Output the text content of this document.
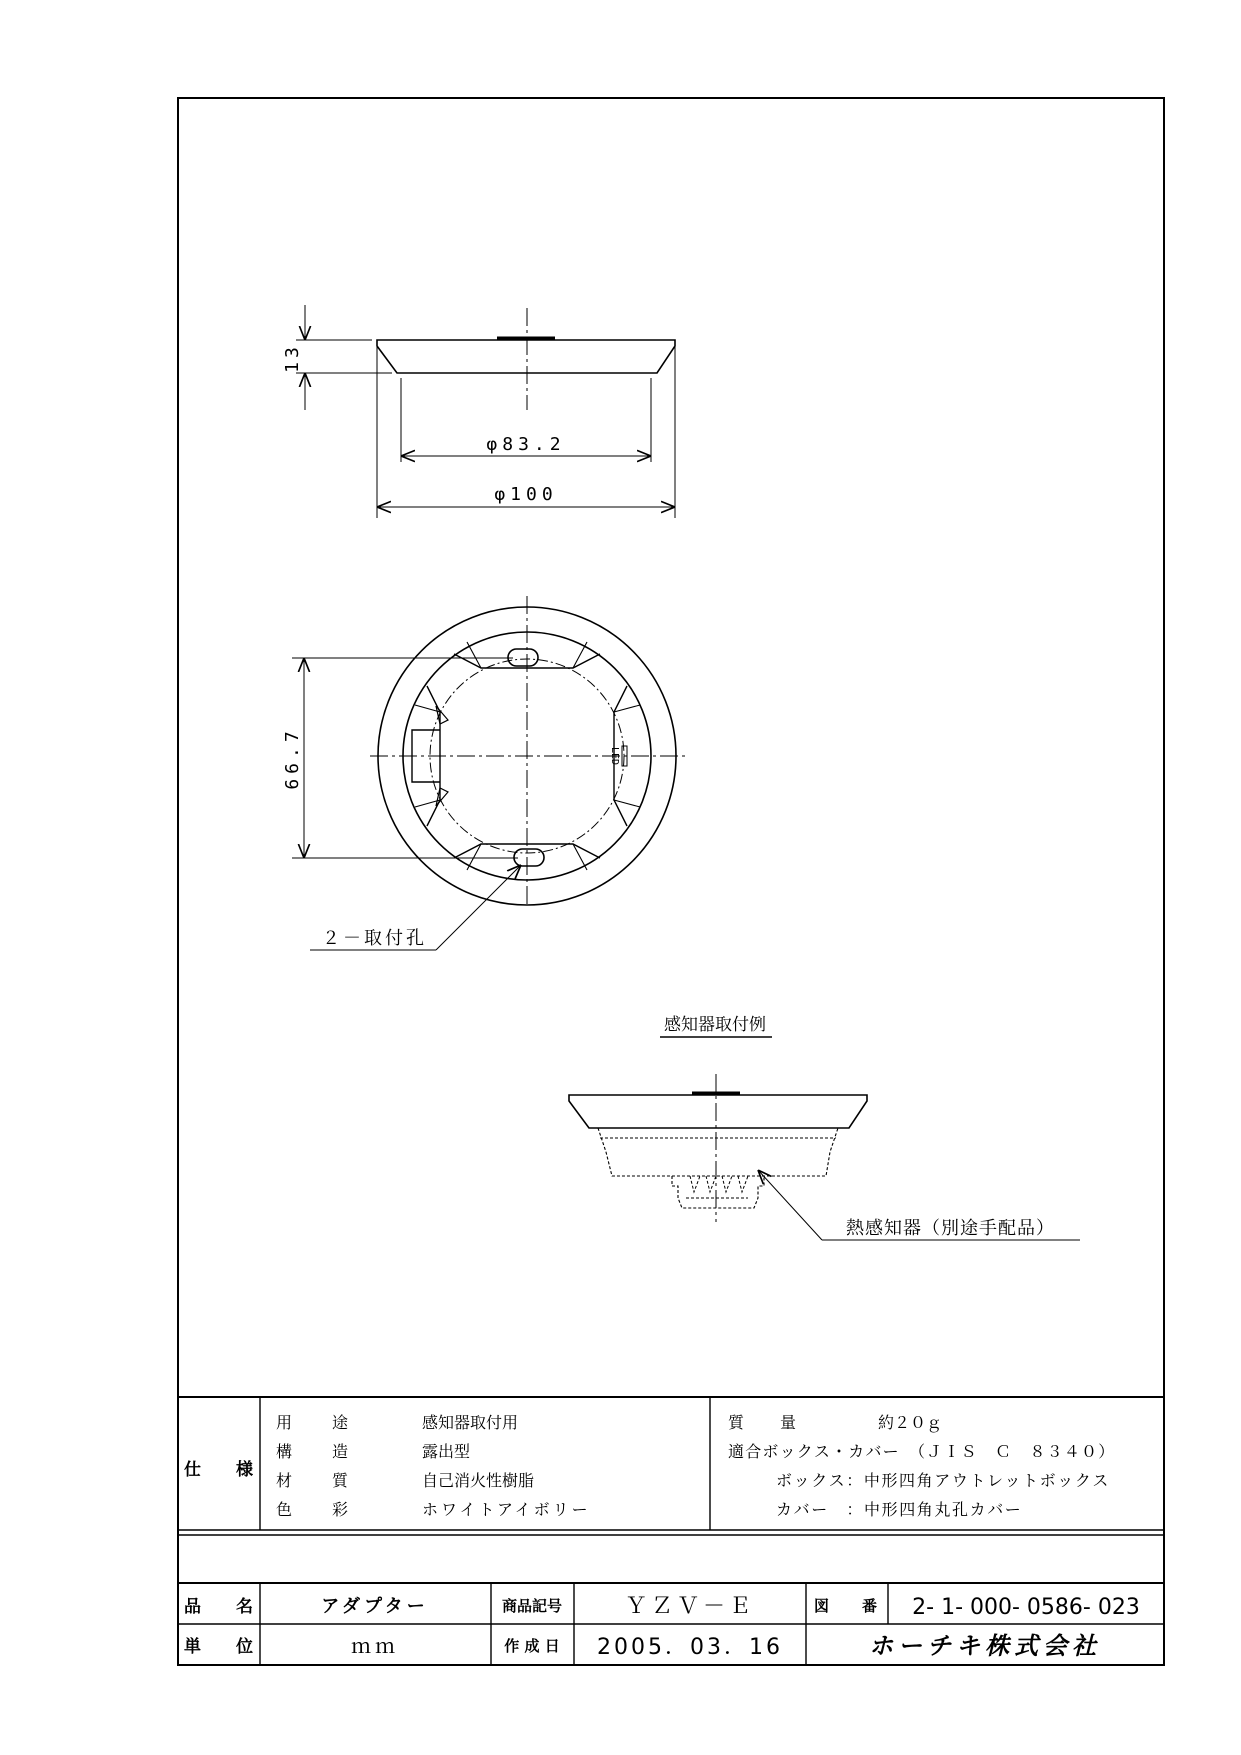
13
φ83.2
φ100
LED
66.7
２－取付孔
感知器取付例
熱感知器（別途手配品）
仕 様
用 途	感知器取付用
構 造	露出型
材 質	自己消火性樹脂
色 彩	ホワイトアイボリー
質 量	約２０ｇ
適合ボックス・カバー　（ＪＩＳ　Ｃ　８３４０）
ボックス：中形四角アウトレットボックス
カバー　：中形四角丸孔カバー
品 名	アダプター	商品記号	ＹＺＶ－Ｅ	図 番 2- 1- 000- 0586- 023
単 位	ｍｍ	作 成 日 2005．03．16	ホーチキ株式会社
